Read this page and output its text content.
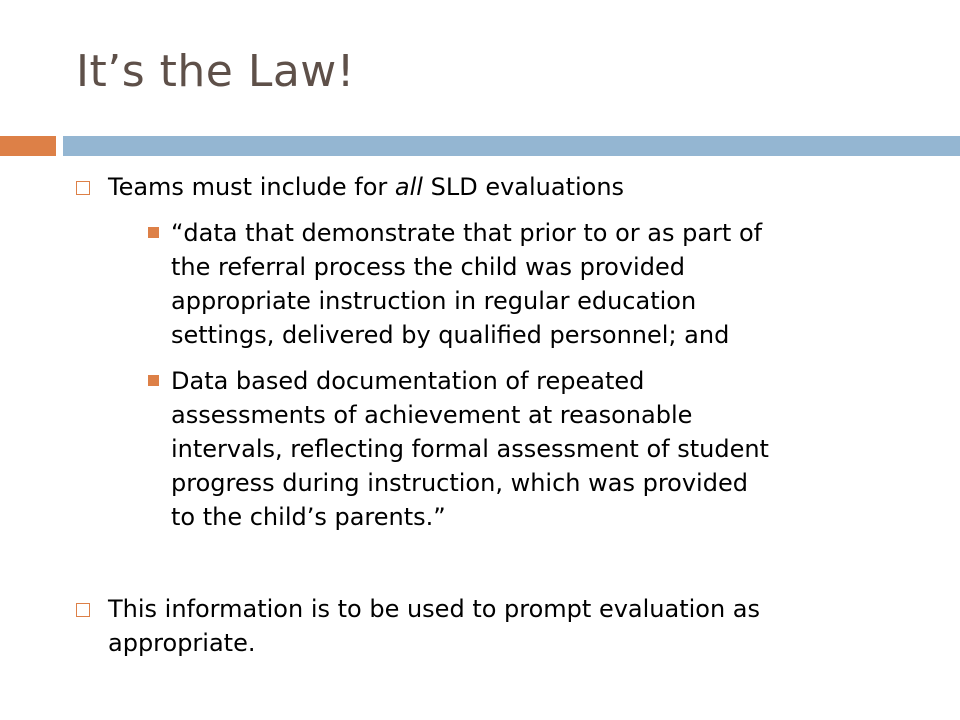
It’s the Law!
Teams must include for all SLD evaluations
“data that demonstrate that prior to or as part of the referral process the child was provided appropriate instruction in regular education settings, delivered by qualified personnel; and
Data based documentation of repeated assessments of achievement at reasonable intervals, reflecting formal assessment of student progress during instruction, which was provided to the child’s parents.”
This information is to be used to prompt evaluation as appropriate.
